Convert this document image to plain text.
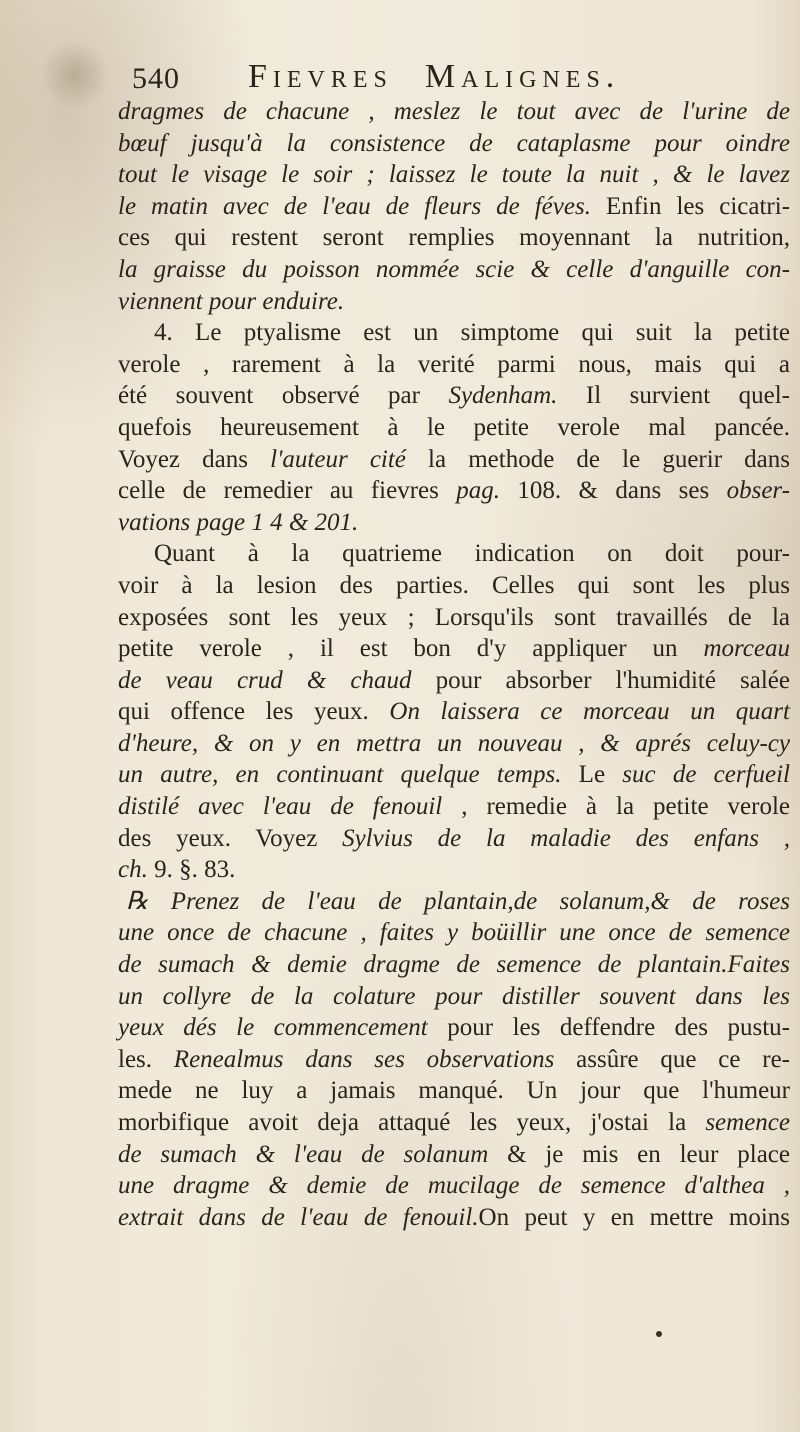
540 Fievres Malignes.
dragmes de chacune , meslez le tout avec de l'urine de
bœuf jusqu'à la consistence de cataplasme pour oindre
tout le visage le soir ; laissez le toute la nuit , & le lavez
le matin avec de l'eau de fleurs de féves. Enfin les cicatri-
ces qui restent seront remplies moyennant la nutrition,
la graisse du poisson nommée scie & celle d'anguille con-
viennent pour enduire.
4. Le ptyalisme est un simptome qui suit la petite
verole , rarement à la verité parmi nous, mais qui a
été souvent observé par Sydenham. Il survient quel-
quefois heureusement à le petite verole mal pancée.
Voyez dans l'auteur cité la methode de le guerir dans
celle de remedier au fievres pag. 108. & dans ses obser-
vations page 1 4 & 201.
Quant à la quatrieme indication on doit pour-
voir à la lesion des parties. Celles qui sont les plus
exposées sont les yeux ; Lorsqu'ils sont travaillés de la
petite verole , il est bon d'y appliquer un morceau
de veau crud & chaud pour absorber l'humidité salée
qui offence les yeux. On laissera ce morceau un quart
d'heure, & on y en mettra un nouveau , & aprés celuy-cy
un autre, en continuant quelque temps. Le suc de cerfueil
distilé avec l'eau de fenouil , remedie à la petite verole
des yeux. Voyez Sylvius de la maladie des enfans ,
ch. 9. §. 83.
℞ Prenez de l'eau de plantain,de solanum,& de roses
une once de chacune , faites y boüillir une once de semence
de sumach & demie dragme de semence de plantain.Faites
un collyre de la colature pour distiller souvent dans les
yeux dés le commencement pour les deffendre des pustu-
les. Renealmus dans ses observations assûre que ce re-
mede ne luy a jamais manqué. Un jour que l'humeur
morbifique avoit deja attaqué les yeux, j'ostai la semence
de sumach & l'eau de solanum & je mis en leur place
une dragme & demie de mucilage de semence d'althea ,
extrait dans de l'eau de fenouil.On peut y en mettre moins
